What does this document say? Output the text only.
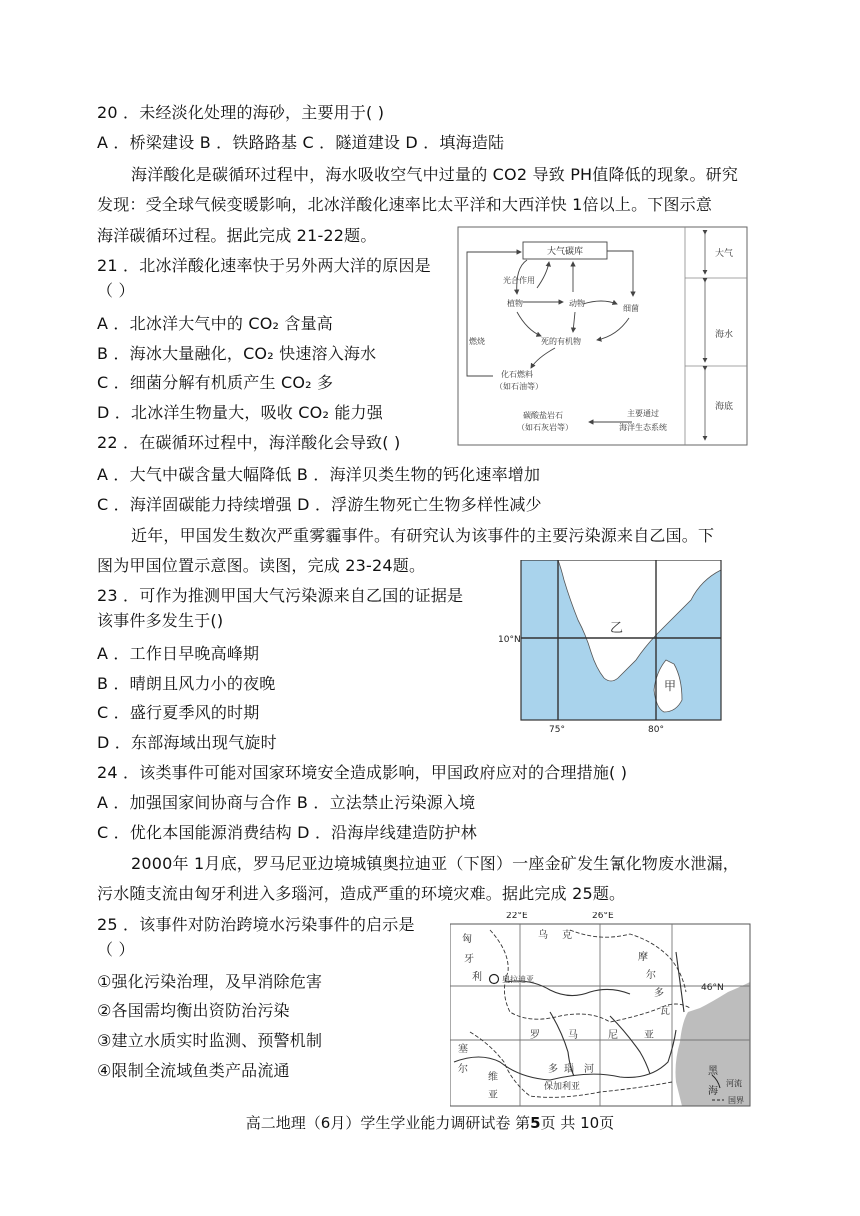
20 ．未经淡化处理的海砂，主要用于( )
A ．桥梁建设 B ．铁路路基 C ．隧道建设 D ．填海造陆
海洋酸化是碳循环过程中，海水吸收空气中过量的 CO2 导致 PH值降低的现象。研究
发现：受全球气候变暖影响，北冰洋酸化速率比太平洋和大西洋快 1倍以上。下图示意
海洋碳循环过程。据此完成 21-22题。
21 ．北冰洋酸化速率快于另外两大洋的原因是
（ ）
A ．北冰洋大气中的 CO₂ 含量高
B ．海冰大量融化，CO₂ 快速溶入海水
C ．细菌分解有机质产生 CO₂ 多
D ．北冰洋生物量大，吸收 CO₂ 能力强
22 ．在碳循环过程中，海洋酸化会导致( )
A ．大气中碳含量大幅降低 B ．海洋贝类生物的钙化速率增加
C ．海洋固碳能力持续增强 D ．浮游生物死亡生物多样性减少
大气
海水
海底
大气碳库
光合作用
植物	动物
细菌
燃烧	死的有机物
化石燃料
（如石油等）
碳酸盐岩石
（如石灰岩等）
主要通过
海洋生态系统
近年，甲国发生数次严重雾霾事件。有研究认为该事件的主要污染源来自乙国。下
图为甲国位置示意图。读图，完成 23-24题。
23 ．可作为推测甲国大气污染源来自乙国的证据是
该事件多发生于()
A ．工作日早晚高峰期
B ．晴朗且风力小的夜晚
C ．盛行夏季风的时期
D ．东部海域出现气旋时
10°N
75°	80°
乙
甲
24 ．该类事件可能对国家环境安全造成影响，甲国政府应对的合理措施( )
A ．加强国家间协商与合作 B ．立法禁止污染源入境
C ．优化本国能源消费结构 D ．沿海岸线建造防护林
2000年 1月底，罗马尼亚边境城镇奥拉迪亚（下图）一座金矿发生氰化物废水泄漏，
污水随支流由匈牙利进入多瑙河，造成严重的环境灾难。据此完成 25题。
25 ．该事件对防治跨境水污染事件的启示是
（ ）
①强化污染治理，及早消除危害
②各国需均衡出资防治污染
③建立水质实时监测、预警机制
④限制全流域鱼类产品流通
22°E	26°E
46°N
奥拉迪亚
匈
牙
利
乌 克
摩
尔
多
瓦
罗	马	尼	亚
塞
尔
维
亚
多 瑙 河
保加利亚
黑
海
河流
国界
高二地理（6月）学生学业能力调研试卷 第5页 共 10页
